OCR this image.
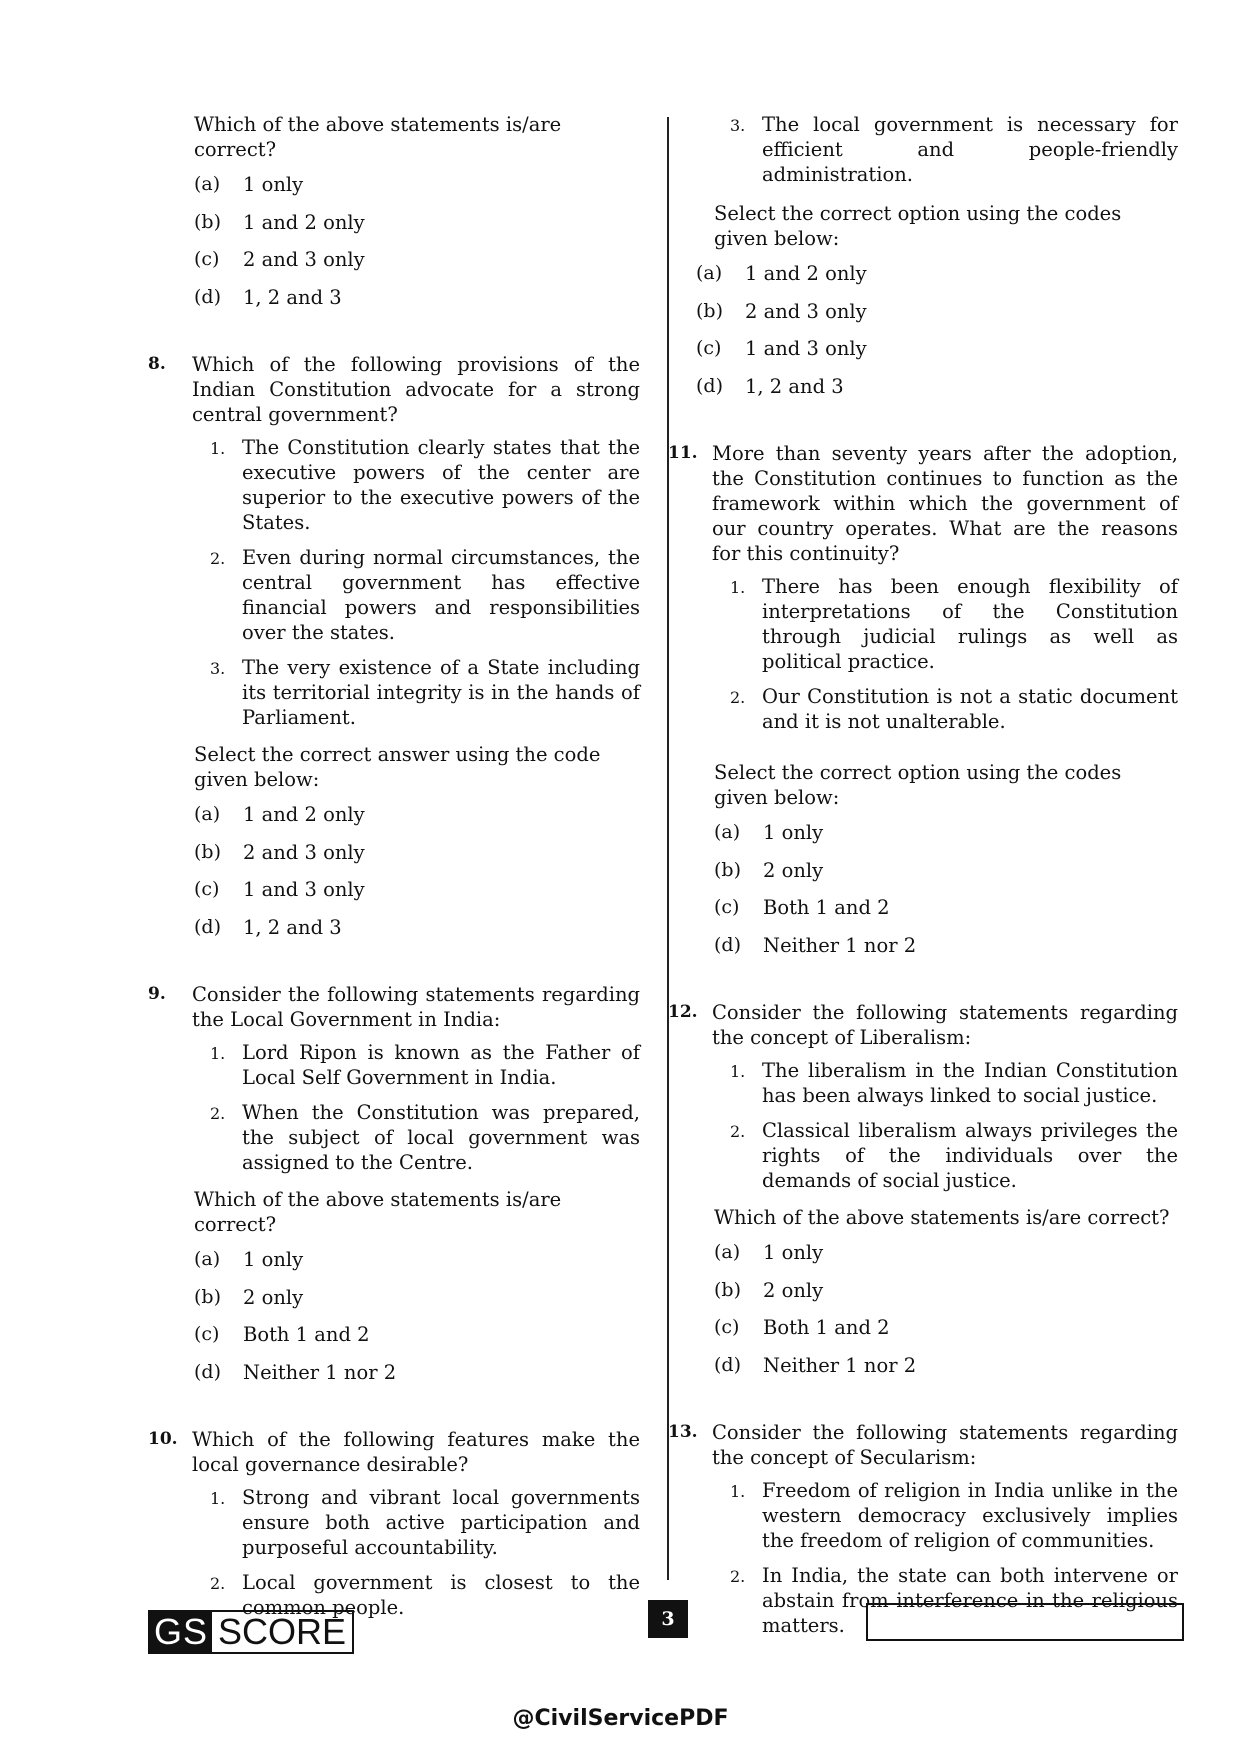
Which of the above statements is/are correct?
(a)	1 only
(b)	1 and 2 only
(c)	2 and 3 only
(d)	1, 2 and 3
8.	Which of the following provisions of the Indian Constitution advocate for a strong central government?
1. The Constitution clearly states that the executive powers of the center are superior to the executive powers of the States.
2. Even during normal circumstances, the central government has effective financial powers and responsibilities over the states.
3. The very existence of a State including its territorial integrity is in the hands of Parliament.
Select the correct answer using the code given below:
(a)	1 and 2 only
(b)	2 and 3 only
(c)	1 and 3 only
(d)	1, 2 and 3
9.	Consider the following statements regarding the Local Government in India:
1. Lord Ripon is known as the Father of Local Self Government in India.
2. When the Constitution was prepared, the subject of local government was assigned to the Centre.
Which of the above statements is/are correct?
(a)	1 only
(b)	2 only
(c)	Both 1 and 2
(d)	Neither 1 nor 2
10. Which of the following features make the local governance desirable?
1. Strong and vibrant local governments ensure both active participation and purposeful accountability.
2. Local government is closest to the common people.
3. The local government is necessary for efficient and people-friendly administration.
Select the correct option using the codes given below:
(a)	1 and 2 only
(b)	2 and 3 only
(c)	1 and 3 only
(d)	1, 2 and 3
11. More than seventy years after the adoption, the Constitution continues to function as the framework within which the government of our country operates. What are the reasons for this continuity?
1. There has been enough flexibility of interpretations of the Constitution through judicial rulings as well as political practice.
2. Our Constitution is not a static document and it is not unalterable.
Select the correct option using the codes given below:
(a)	1 only
(b)	2 only
(c)	Both 1 and 2
(d)	Neither 1 nor 2
12. Consider the following statements regarding the concept of Liberalism:
1. The liberalism in the Indian Constitution has been always linked to social justice.
2. Classical liberalism always privileges the rights of the individuals over the demands of social justice.
Which of the above statements is/are correct?
(a)	1 only
(b)	2 only
(c)	Both 1 and 2
(d)	Neither 1 nor 2
13. Consider the following statements regarding the concept of Secularism:
1. Freedom of religion in India unlike in the western democracy exclusively implies the freedom of religion of communities.
2. In India, the state can both intervene or abstain from interference in the religious matters.
GS SCORE	3
@CivilServicePDF
